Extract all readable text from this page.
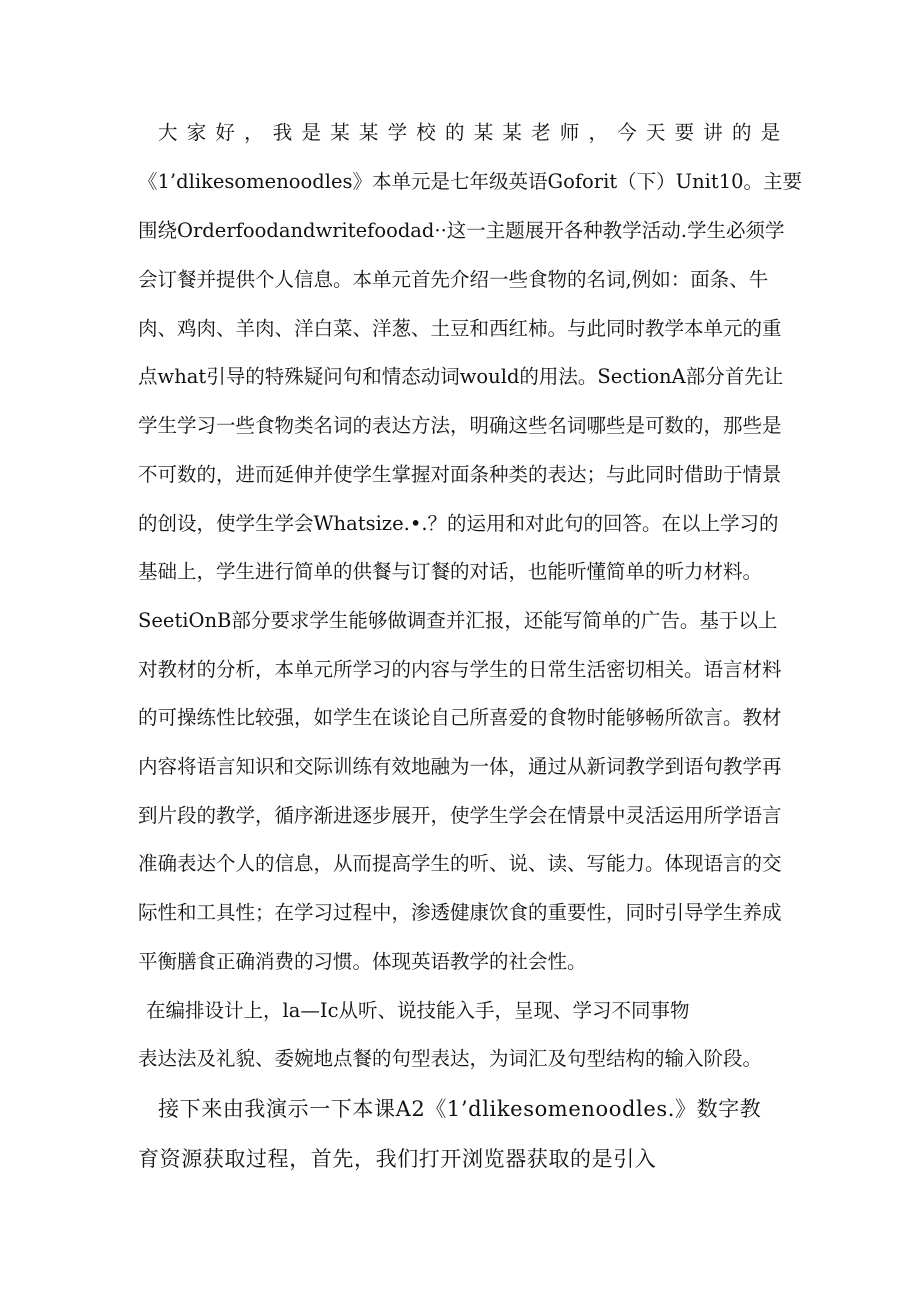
大家好，我是某某学校的某某老师，今天要讲的是
《1’dlikesomenoodles》本单元是七年级英语Goforit（下）Unit10。主要
围绕Orderfoodandwritefoodad··这一主题展开各种教学活动.学生必须学
会订餐并提供个人信息。本单元首先介绍一些食物的名词,例如：面条、牛
肉、鸡肉、羊肉、洋白菜、洋葱、土豆和西红柿。与此同时教学本单元的重
点what引导的特殊疑问句和情态动词would的用法。SectionA部分首先让
学生学习一些食物类名词的表达方法，明确这些名词哪些是可数的，那些是
不可数的，进而延伸并使学生掌握对面条种类的表达；与此同时借助于情景
的创设，使学生学会Whatsize.•.？的运用和对此句的回答。在以上学习的
基础上，学生进行简单的供餐与订餐的对话，也能听懂简单的听力材料。
SeetiOnB部分要求学生能够做调查并汇报，还能写简单的广告。基于以上
对教材的分析，本单元所学习的内容与学生的日常生活密切相关。语言材料
的可操练性比较强，如学生在谈论自己所喜爱的食物时能够畅所欲言。教材
内容将语言知识和交际训练有效地融为一体，通过从新词教学到语句教学再
到片段的教学，循序渐进逐步展开，使学生学会在情景中灵活运用所学语言
准确表达个人的信息，从而提高学生的听、说、读、写能力。体现语言的交
际性和工具性；在学习过程中，渗透健康饮食的重要性，同时引导学生养成
平衡膳食正确消费的习惯。体现英语教学的社会性。
在编排设计上，la—Ic从听、说技能入手，呈现、学习不同事物
表达法及礼貌、委婉地点餐的句型表达，为词汇及句型结构的输入阶段。
接下来由我演示一下本课A2《1’dlikesomenoodles.》数字教
育资源获取过程，首先，我们打开浏览器获取的是引入
